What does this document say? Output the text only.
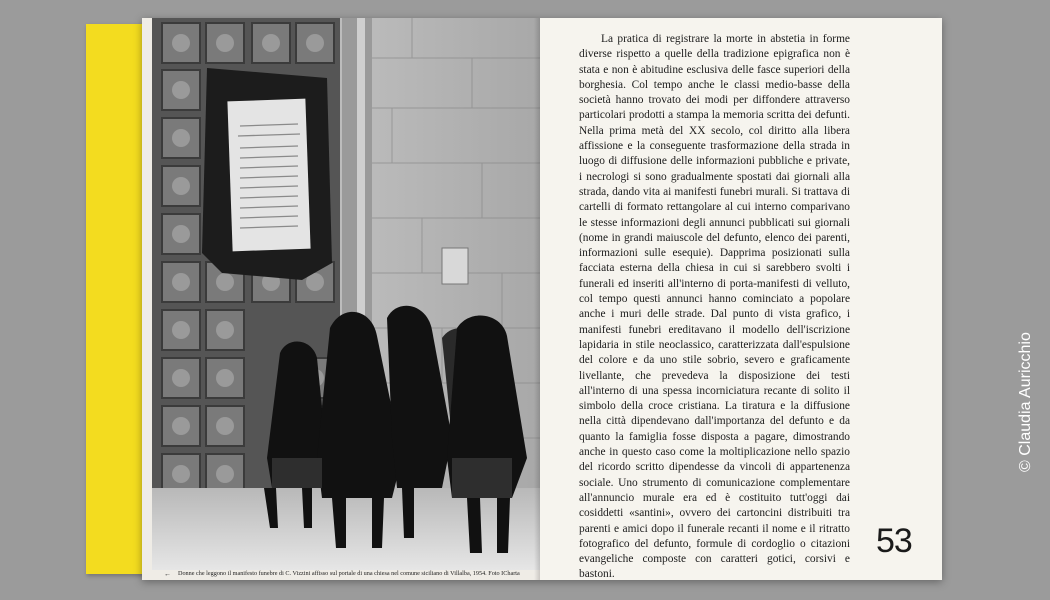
← Donne che leggono il manifesto funebre di C. Vizzini affisso sul portale di una chiesa nel comune siciliano di Villalba, 1954. Foto ICharta

La pratica di registrare la morte in abstetia in forme diverse rispetto a quelle della tradizione epigrafica non è stata e non è abitudine esclusiva delle fasce superiori della borghesia. Col tempo anche le classi medio-basse della società hanno trovato dei modi per diffondere attraverso particolari prodotti a stampa la memoria scritta dei defunti. Nella prima metà del XX secolo, col diritto alla libera affissione e la conseguente trasformazione della strada in luogo di diffusione delle informazioni pubbliche e private, i necrologi si sono gradualmente spostati dai giornali alla strada, dando vita ai manifesti funebri murali. Si trattava di cartelli di formato rettangolare al cui interno comparivano le stesse informazioni degli annunci pubblicati sui giornali (nome in grandi maiuscole del defunto, elenco dei parenti, informazioni sulle esequie). Dapprima posizionati sulla facciata esterna della chiesa in cui si sarebbero svolti i funerali ed inseriti all'interno di porta-manifesti di velluto, col tempo questi annunci hanno cominciato a popolare anche i muri delle strade. Dal punto di vista grafico, i manifesti funebri ereditavano il modello dell'iscrizione lapidaria in stile neoclassico, caratterizzata dall'espulsione del colore e da uno stile sobrio, severo e graficamente livellante, che prevedeva la disposizione dei testi all'interno di una spessa incorniciatura recante di solito il simbolo della croce cristiana. La tiratura e la diffusione nella città dipendevano dall'importanza del defunto e da quanto la famiglia fosse disposta a pagare, dimostrando anche in questo caso come la moltiplicazione nello spazio del ricordo scritto dipendesse da vincoli di appartenenza sociale. Uno strumento di comunicazione complementare all'annuncio murale era ed è costituito tutt'oggi dai cosiddetti «santini», ovvero dei cartoncini distribuiti tra parenti e amici dopo il funerale recanti il nome e il ritratto fotografico del defunto, formule di cordoglio o citazioni evangeliche composte con caratteri gotici, corsivi e bastoni.

53
© Claudia Auricchio
